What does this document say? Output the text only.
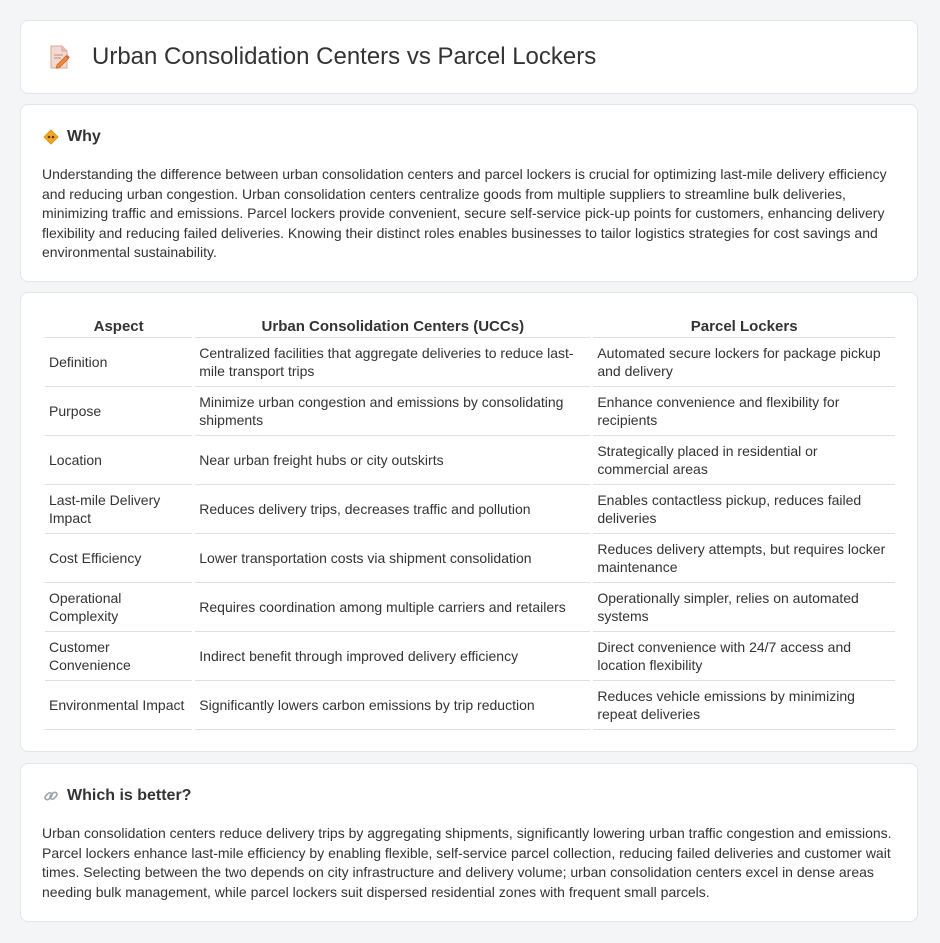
Urban Consolidation Centers vs Parcel Lockers
Why
Understanding the difference between urban consolidation centers and parcel lockers is crucial for optimizing last-mile delivery efficiency and reducing urban congestion. Urban consolidation centers centralize goods from multiple suppliers to streamline bulk deliveries, minimizing traffic and emissions. Parcel lockers provide convenient, secure self-service pick-up points for customers, enhancing delivery flexibility and reducing failed deliveries. Knowing their distinct roles enables businesses to tailor logistics strategies for cost savings and environmental sustainability.
Aspect	Urban Consolidation Centers (UCCs)	Parcel Lockers
Definition	Centralized facilities that aggregate deliveries to reduce last-mile transport trips	Automated secure lockers for package pickup and delivery
Purpose	Minimize urban congestion and emissions by consolidating shipments	Enhance convenience and flexibility for recipients
Location	Near urban freight hubs or city outskirts	Strategically placed in residential or commercial areas
Last-mile Delivery Impact	Reduces delivery trips, decreases traffic and pollution	Enables contactless pickup, reduces failed deliveries
Cost Efficiency	Lower transportation costs via shipment consolidation	Reduces delivery attempts, but requires locker maintenance
Operational Complexity	Requires coordination among multiple carriers and retailers	Operationally simpler, relies on automated systems
Customer Convenience	Indirect benefit through improved delivery efficiency	Direct convenience with 24/7 access and location flexibility
Environmental Impact	Significantly lowers carbon emissions by trip reduction	Reduces vehicle emissions by minimizing repeat deliveries
Which is better?
Urban consolidation centers reduce delivery trips by aggregating shipments, significantly lowering urban traffic congestion and emissions. Parcel lockers enhance last-mile efficiency by enabling flexible, self-service parcel collection, reducing failed deliveries and customer wait times. Selecting between the two depends on city infrastructure and delivery volume; urban consolidation centers excel in dense areas needing bulk management, while parcel lockers suit dispersed residential zones with frequent small parcels.
